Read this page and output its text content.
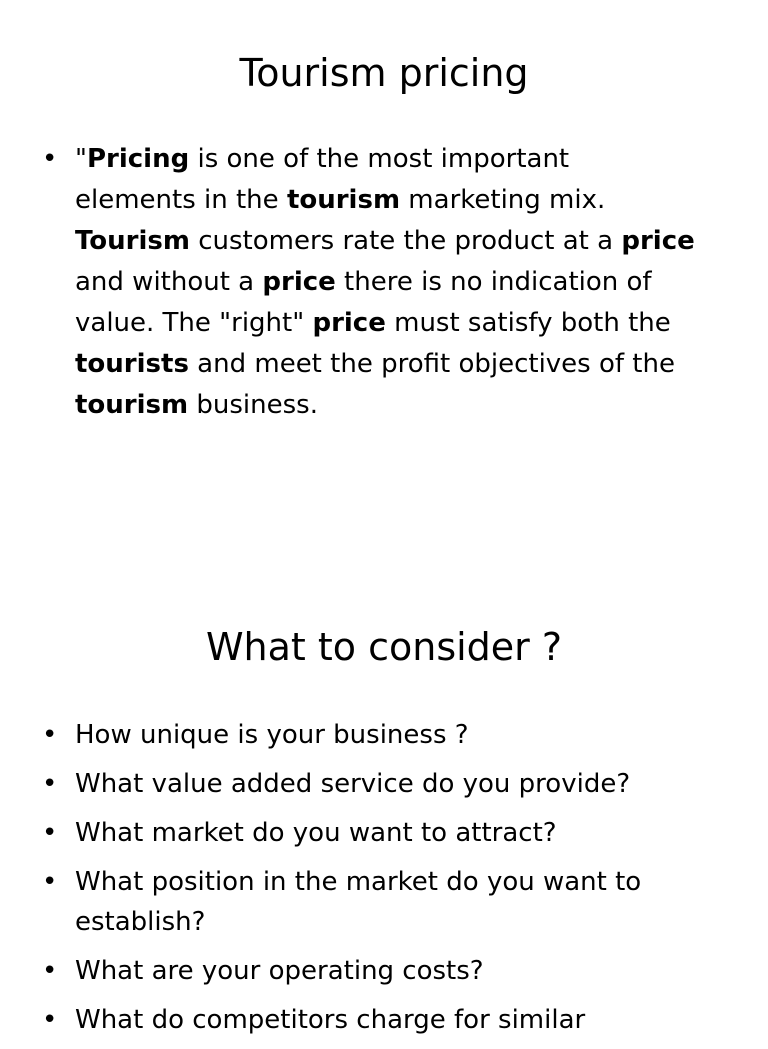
Tourism pricing
• "Pricing is one of the most important
elements in the tourism marketing mix.
Tourism customers rate the product at a price
and without a price there is no indication of
value. The "right" price must satisfy both the
tourists and meet the profit objectives of the
tourism business.
What to consider ?
• How unique is your business ?
• What value added service do you provide?
• What market do you want to attract?
• What position in the market do you want to
establish?
• What are your operating costs?
• What do competitors charge for similar
